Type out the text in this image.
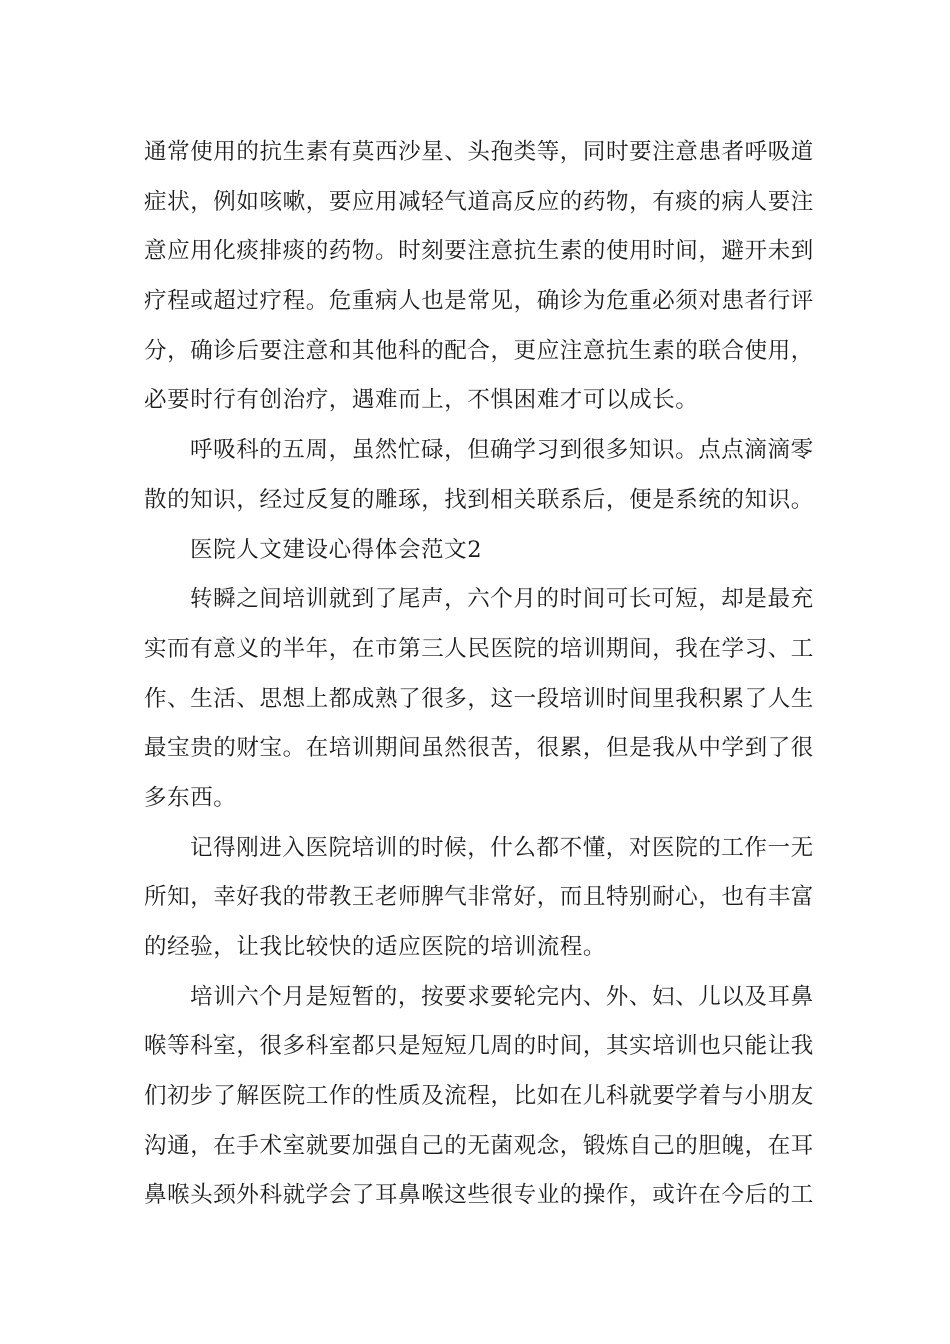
通常使用的抗生素有莫西沙星、头孢类等，同时要注意患者呼吸道

症状，例如咳嗽，要应用减轻气道高反应的药物，有痰的病人要注

意应用化痰排痰的药物。时刻要注意抗生素的使用时间，避开未到

疗程或超过疗程。危重病人也是常见，确诊为危重必须对患者行评

分，确诊后要注意和其他科的配合，更应注意抗生素的联合使用，

必要时行有创治疗，遇难而上，不惧困难才可以成长。

呼吸科的五周，虽然忙碌，但确学习到很多知识。点点滴滴零

散的知识，经过反复的雕琢，找到相关联系后，便是系统的知识。

医院人文建设心得体会范文2

转瞬之间培训就到了尾声，六个月的时间可长可短，却是最充

实而有意义的半年，在市第三人民医院的培训期间，我在学习、工

作、生活、思想上都成熟了很多，这一段培训时间里我积累了人生

最宝贵的财宝。在培训期间虽然很苦，很累，但是我从中学到了很

多东西。

记得刚进入医院培训的时候，什么都不懂，对医院的工作一无

所知，幸好我的带教王老师脾气非常好，而且特别耐心，也有丰富

的经验，让我比较快的适应医院的培训流程。

培训六个月是短暂的，按要求要轮完内、外、妇、儿以及耳鼻

喉等科室，很多科室都只是短短几周的时间，其实培训也只能让我

们初步了解医院工作的性质及流程，比如在儿科就要学着与小朋友

沟通，在手术室就要加强自己的无菌观念，锻炼自己的胆魄，在耳

鼻喉头颈外科就学会了耳鼻喉这些很专业的操作，或许在今后的工
